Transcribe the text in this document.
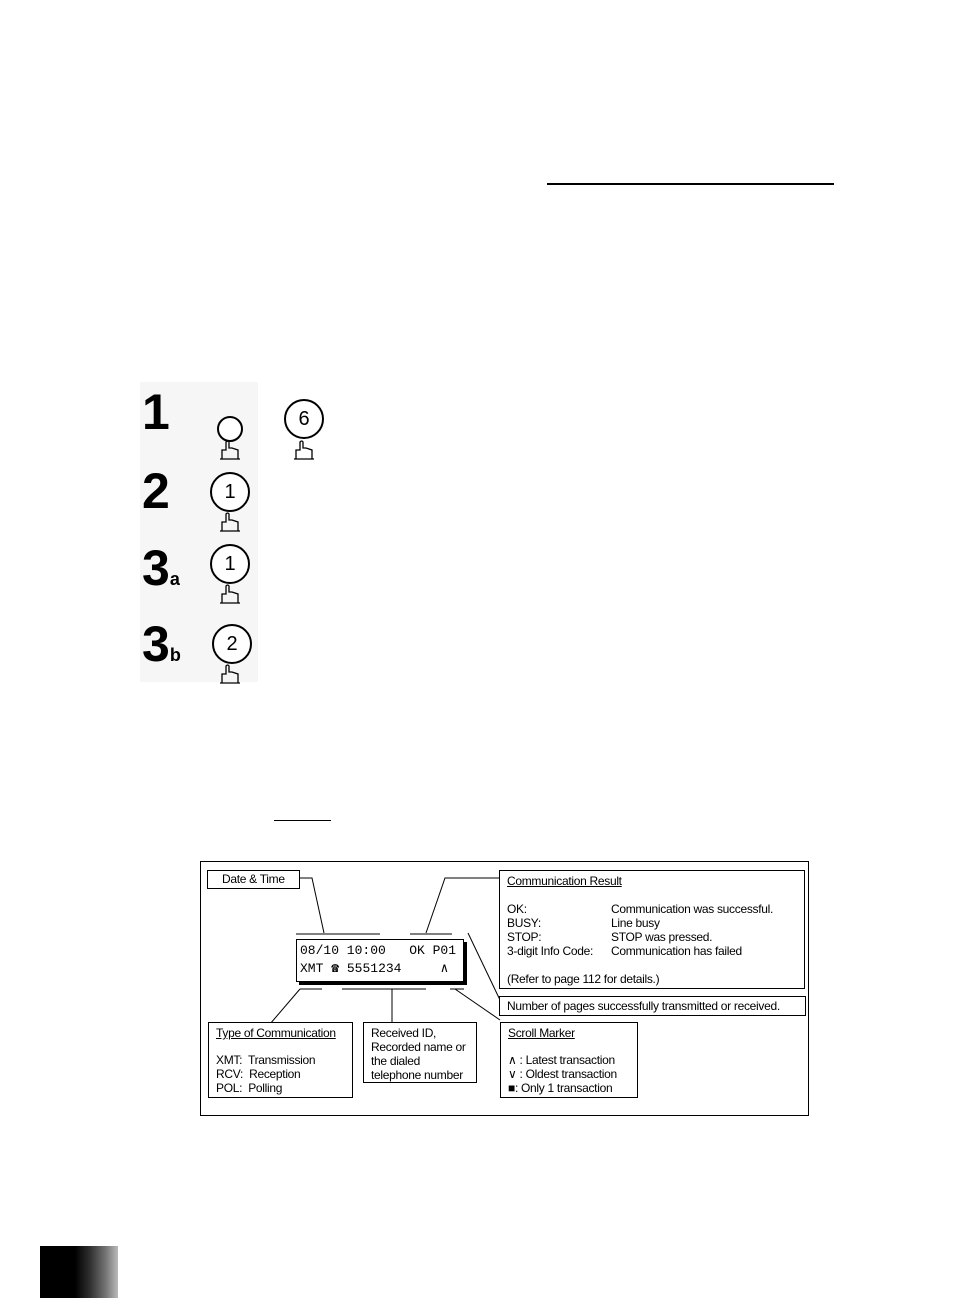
1	6
2	1
3a
1
3b
2
Date & Time
08/10 10:00   OK P01
XMT ☎ 5551234	∧
Communication Result
OK:	Communication was successful.
BUSY:	Line busy
STOP:	STOP was pressed.
3-digit Info Code:	Communication has failed
(Refer to page 112 for details.)
Number of pages successfully transmitted or received.
Type of Communication
XMT:  Transmission
RCV:  Reception
POL:  Polling
Received ID,
Recorded name or
the dialed
telephone number
Scroll Marker
∧ : Latest transaction
∨ : Oldest transaction
■: Only 1 transaction
